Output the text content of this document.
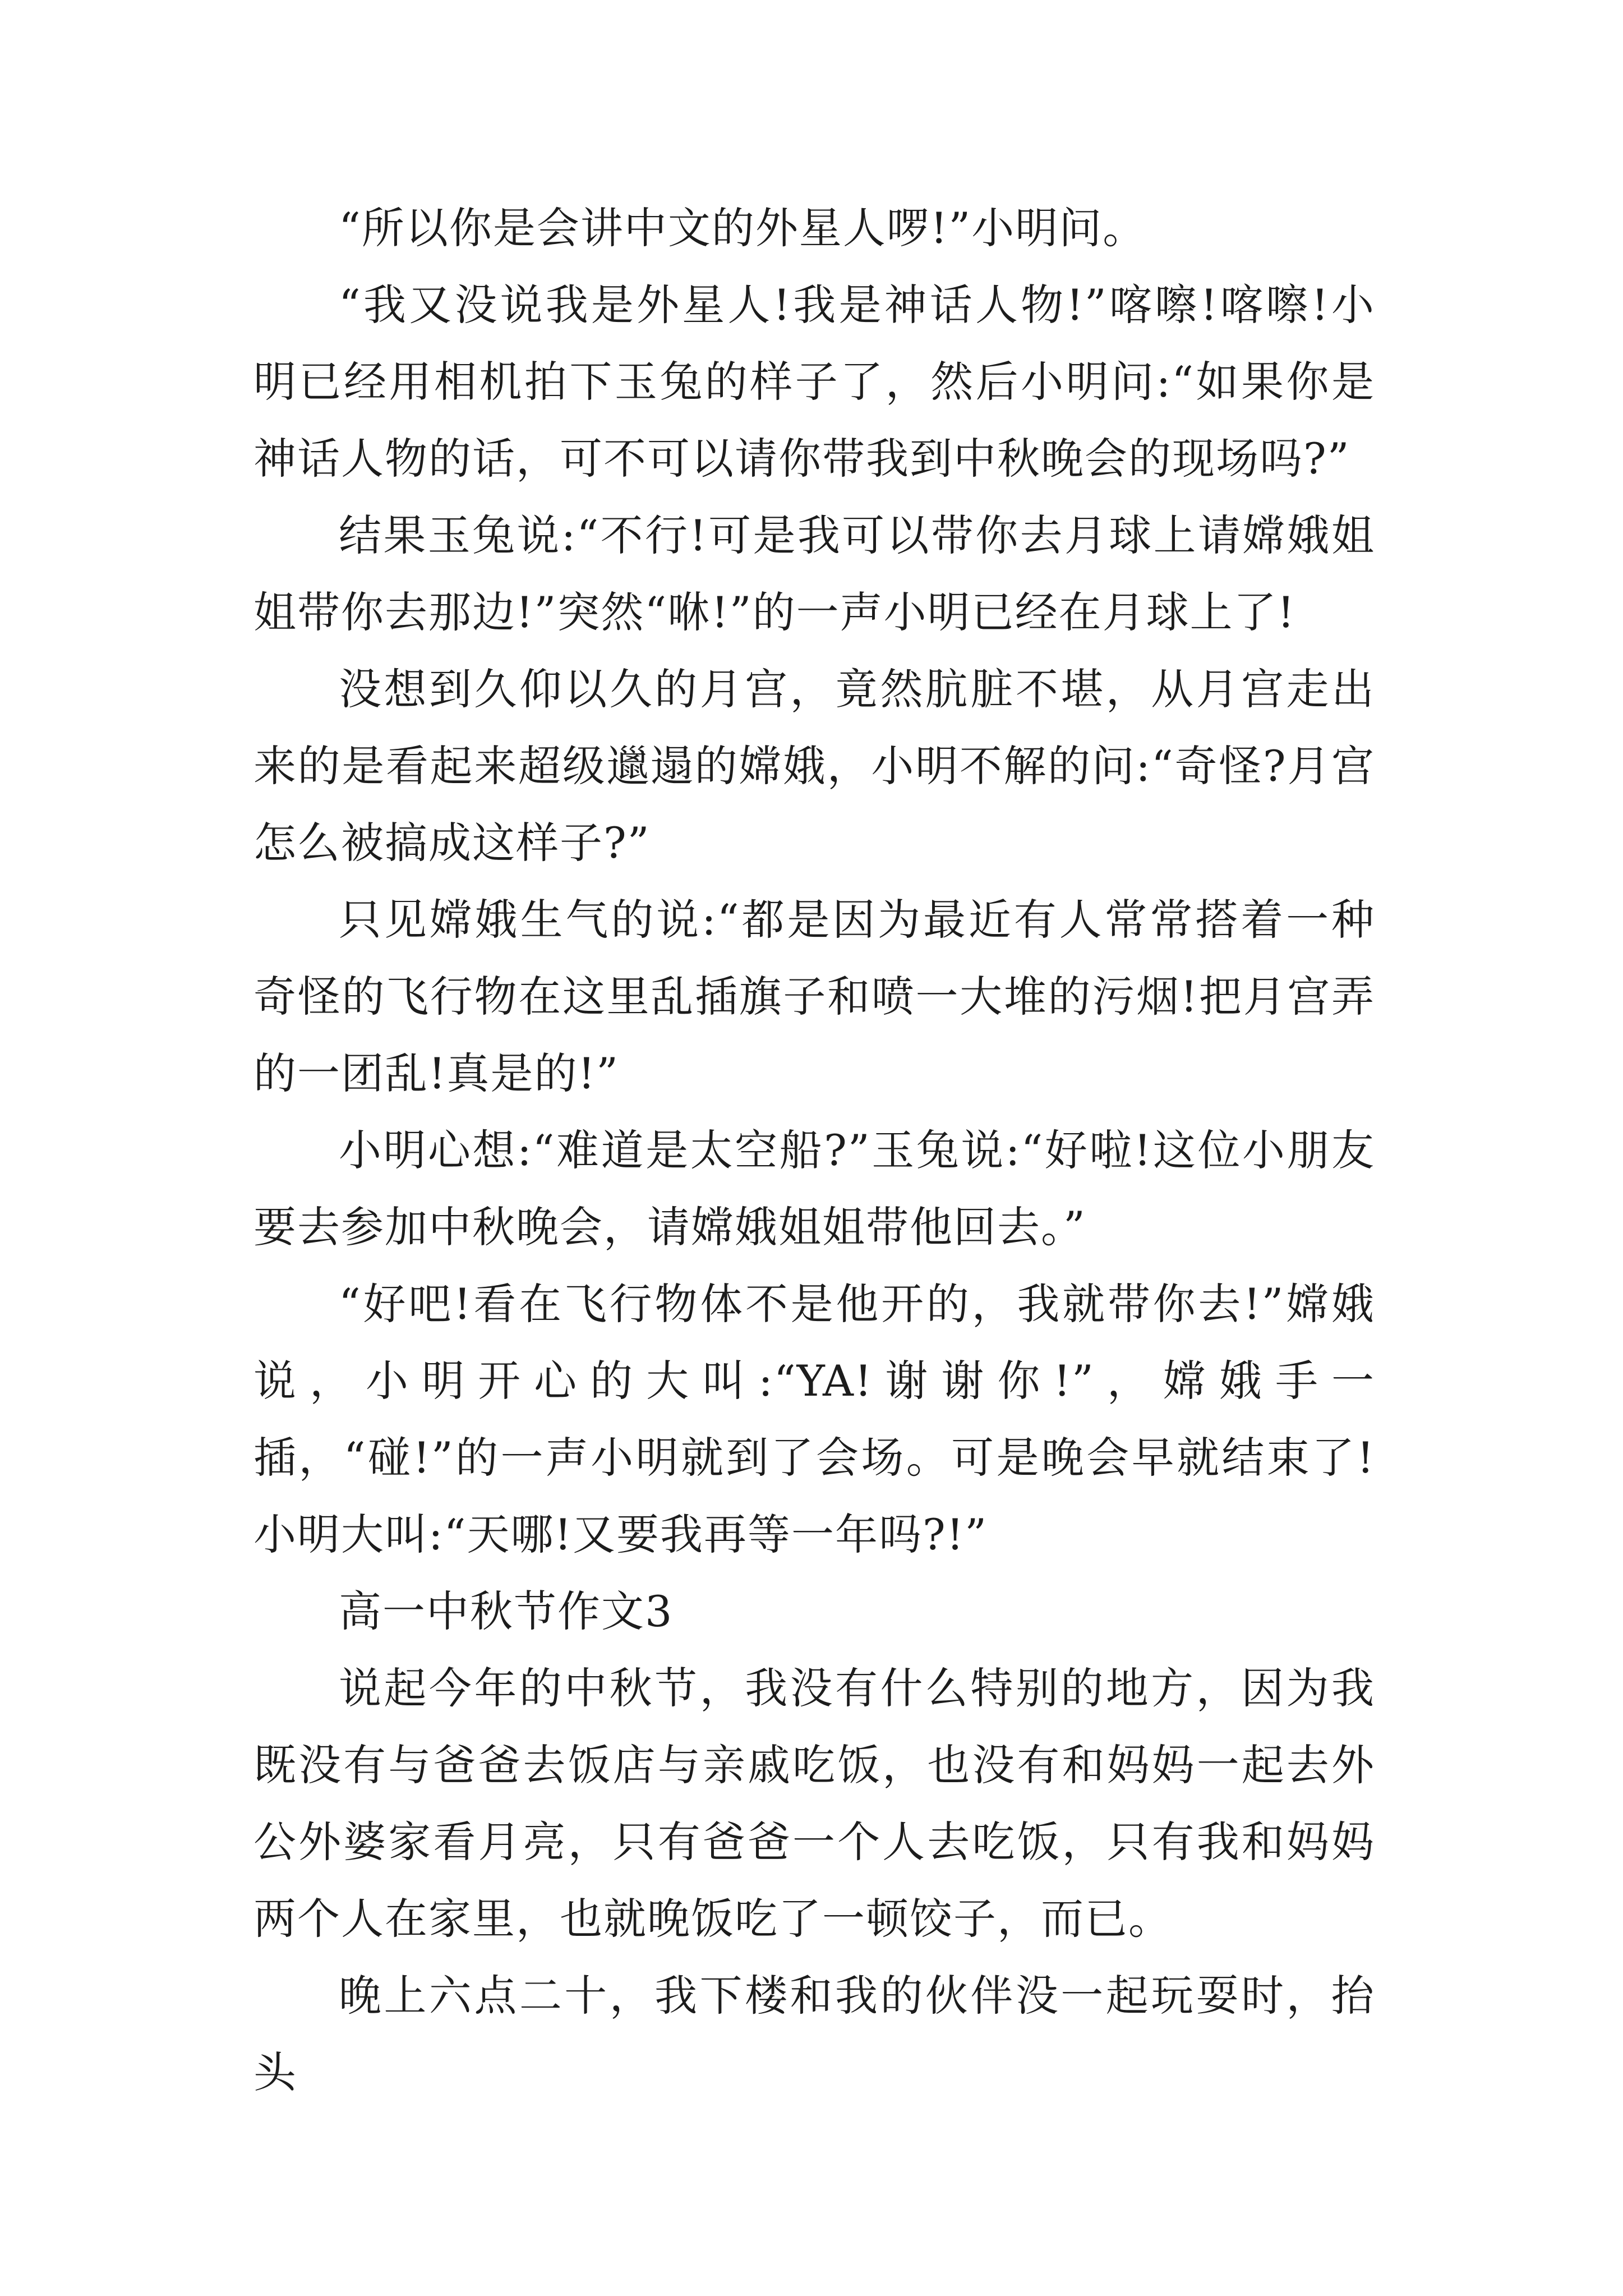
“所以你是会讲中文的外星人啰!”小明问。

“我又没说我是外星人!我是神话人物!”喀嚓!喀嚓!小明已经用相机拍下玉兔的样子了，然后小明问:“如果你是神话人物的话，可不可以请你带我到中秋晚会的现场吗?”

结果玉兔说:“不行!可是我可以带你去月球上请嫦娥姐姐带你去那边!”突然“咻!”的一声小明已经在月球上了!

没想到久仰以久的月宫，竟然肮脏不堪，从月宫走出来的是看起来超级邋遢的嫦娥，小明不解的问:“奇怪?月宫怎么被搞成这样子?”

只见嫦娥生气的说:“都是因为最近有人常常搭着一种奇怪的飞行物在这里乱插旗子和喷一大堆的污烟!把月宫弄的一团乱!真是的!”

小明心想:“难道是太空船?”玉兔说:“好啦!这位小朋友要去参加中秋晚会，请嫦娥姐姐带他回去。”

“好吧!看在飞行物体不是他开的，我就带你去!”嫦娥说，小明开心的大叫:“YA!谢谢你!”，嫦娥手一插，“碰!”的一声小明就到了会场。可是晚会早就结束了!小明大叫:“天哪!又要我再等一年吗?!”

高一中秋节作文3

说起今年的中秋节，我没有什么特别的地方，因为我既没有与爸爸去饭店与亲戚吃饭，也没有和妈妈一起去外公外婆家看月亮，只有爸爸一个人去吃饭，只有我和妈妈两个人在家里，也就晚饭吃了一顿饺子，而已。

晚上六点二十，我下楼和我的伙伴没一起玩耍时，抬头
